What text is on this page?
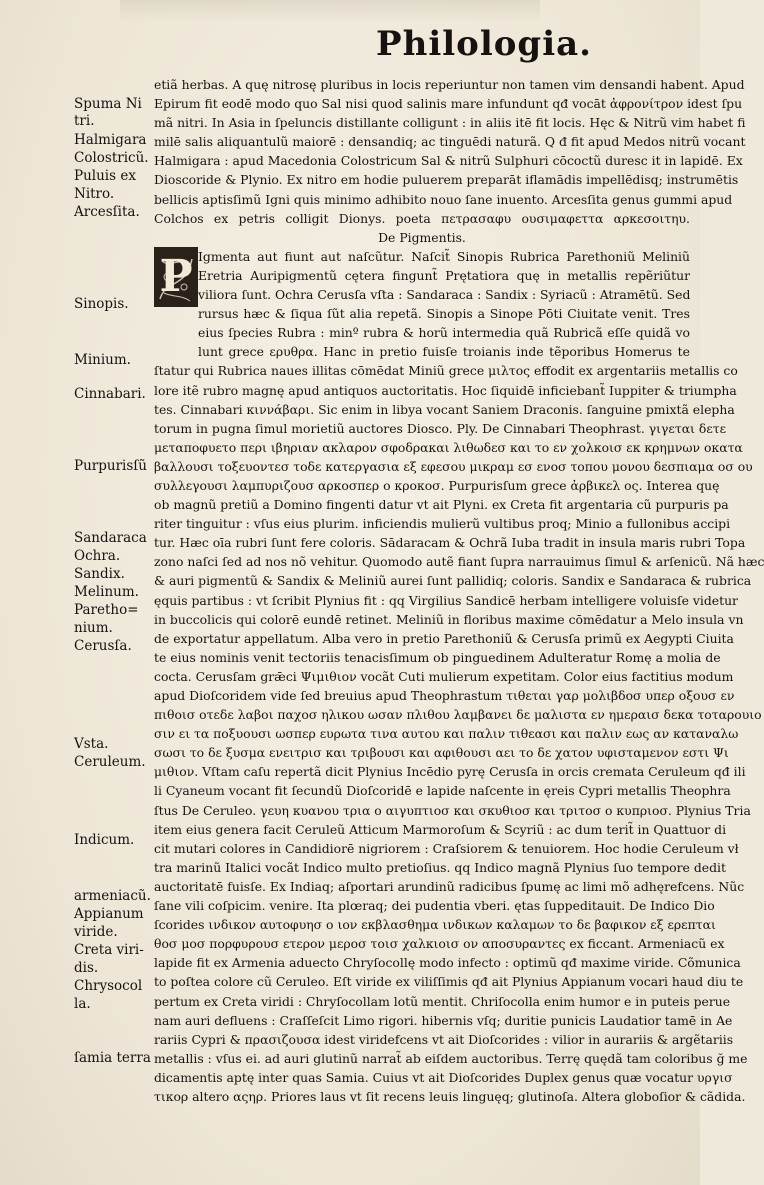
Philologia.
Spuma Ni
tri.
Halmigara
Colostricũ.
Puluis ex
Nitro.
Arcesſita.
Sinopis.
Minium.
Cinnabari.
Purpurisſũ
Sandaraca
Ochra.
Sandix.
Melinum.
Paretho=
nium.
Cerusſa.
Vsta.
Ceruleum.
Indicum.
armeniacũ.
Appianum
viride.
Creta viri-
dis.
Chrysocol
la.
ſamia terra
P
etiã herbas. A quę nitrosę pluribus in locis reperiuntur non tamen vim densandi habent. Apud
Epirum fit eodē modo quo Sal nisi quod salinis mare infundunt qđ vocāt ἀφρονίτρον idest ſpu
mã nitri. In Asia in ſpeluncis distillante colligunt : in aliis itē fit locis. Hęc & Nitrũ vim habet fi
milē salis aliquantulũ maiorē : densandiq; ac tinguēdi naturã. Q đ fit apud Medos nitrũ vocant
Halmigara : apud Macedonia Colostricum Sal & nitrũ Sulphuri cōcoctũ duresc it in lapidē. Ex
Dioscoride & Plynio. Ex nitro em hodie puluerem preparāt iflamādis impellēdisq; instrumētis
bellicis aptisſimũ Igni quis minimo adhibito nouo ſane inuento. Arcesſita genus gummi apud
Colchos ex petris colligit Dionys. poeta πετρασαφυ ουσιμαφεττα αρκεσοιτηυ.
De Pigmentis.
Igmenta aut fiunt aut naſcũtur. Naſcit̃ Sinopis Rubrica Parethoniũ Meliniũ
Eretria Auripigmentũ cętera fingunt̃ Prętatiora quę in metallis repẽriũtur
viliora ſunt. Ochra Cerusſa vſta : Sandaraca : Sandix : Syriacũ : Atramētũ. Sed
rursus hæc & ſiqua ſũt alia repetã. Sinopis a Sinope Pōti Ciuitate venit. Tres
eius ſpecies Rubra : minº rubra & horũ intermedia quã Rubricã eſſe quidã vo
lunt grece ερυθρα. Hanc in pretio fuisſe troianis inde tẽporibus Homerus te
ſtatur qui Rubrica naues illitas cōmēdat Miniũ grece μιλτος effodit ex argentariis metallis co
lore itẽ rubro magnę apud antiquos auctoritatis. Hoc ſiquidē inficiebant̃ Iuppiter & triumpha
tes. Cinnabari κιννάβαρι. Sic enim in libya vocant Saniem Draconis. ſanguine pmixtã elepha
torum in pugna ſimul morietiũ auctores Diosco. Ply. De Cinnabari Theophrast. γιγεται δετε
μεταποφυετο περι ιβηριαν ακλαρον σφοδρακαι λιθωδεσ και το εν χολκοισ εκ κρημνων οκατα
βαλλουσι τοξευοντεσ τοδε κατεργασια εξ εφεσου μικραμ εσ ενοσ τοπου μονου δεσπιαμα οσ ου
συλλεγουσι λαμπυριζουσ αρκοσπερ ο κροκοσ. Purpurisſum grece ἀρβικελ ος. Interea quę
ob magnũ pretiũ a Domino fingenti datur vt ait Plyni. ex Creta fit argentaria cũ purpuris pa
riter tinguitur : vſus eius plurim. inficiendis mulierũ vultibus proq; Minio a fullonibus accipi
tur. Hæc oīa rubri ſunt fere coloris. Sādaracam & Ochrã Iuba tradit in insula maris rubri Topa
zono naſci ſed ad nos nõ vehitur. Quomodo autẽ fiant ſupra narrauimus ſimul & arſenicũ. Nã hæc
& auri pigmentũ & Sandix & Meliniũ aurei ſunt pallidiq; coloris. Sandix e Sandaraca & rubrica
ęquis partibus : vt ſcribit Plynius fit : qq Virgilius Sandicē herbam intelligere voluisſe videtur
in buccolicis qui colorē eundē retinet. Meliniũ in floribus maxime cōmēdatur a Melo insula vn
de exportatur appellatum. Alba vero in pretio Parethoniũ & Cerusſa primũ ex Aegypti Ciuita
te eius nominis venit tectoriis tenacisſimum ob pinguedinem Adulteratur Romę a molia de
cocta. Cerusſam grǣci Ψιμιθιον vocãt Cuti mulierum expetitam. Color eius factitius modum
apud Dioſcoridem vide ſed breuius apud Theophrastum τιθεται γαρ μολιβδοσ υπερ οξουσ εν
πιθοισ οτεδε λαβοι παχοσ ηλικου ωσαν πλιθου λαμβανει δε μαλιστα εν ημεραισ δεκα τοταρουιο
σιν ει τα ποξυουσι ωσπερ ευρωτα τινα αυτου και παλιν τιθεασι και παλιν εως αν καταναλω
σωσι το δε ξυσμα ενειτρισ και τριβουσι και αφιθουσι αει το δε χατον υφισταμενον εστι Ψι
μιθιον. Vſtam caſu repertã dicit Plynius Incēdio pyrę Cerusſa in orcis cremata Ceruleum qđ ili
li Cyaneum vocant fit ſecundũ Dioſcoridē e lapide naſcente in ęreis Cypri metallis Theophra
ſtus De Ceruleo. γευη κυανου τρια ο αιγυπτιοσ και σκυθιοσ και τριτοσ ο κυπριοσ. Plynius Tria
item eius genera facit Ceruleũ Atticum Marmoroſum & Scyriũ : ac dum terit̃ in Quattuor di
cit mutari colores in Candidiorē nigriorem : Craſsiorem & tenuiorem. Hoc hodie Ceruleum vł
tra marinũ Italici vocãt Indico multo pretioſius. qq Indico magnã Plynius ſuo tempore dedit
auctoritatē fuisſe. Ex Indiaq; aſportari arundinũ radicibus ſpumę ac limi mõ adhęrefcens. Nũc
ſane vili coſpicim. venire. Ita plœraq; dei pudentia vberi. ętas ſuppeditauit. De Indico Dio
ſcorides ινδικον αυτοφυησ ο ιον εκβλασθημα ινδικων καλαμων το δε βαφικον εξ ερεπται
θοσ μοσ πορφυρουσ ετερον μεροσ τοισ χαλκιοισ ον αποσυραντες ex ficcant. Armeniacũ ex
lapide fit ex Armenia aduecto Chryſocollę modo infecto : optimũ qđ maxime viride. Cõmunica
to poſtea colore cũ Ceruleo. Eſt viride ex viliſſimis qđ ait Plynius Appianum vocari haud diu te
pertum ex Creta viridi : Chryſocollam lotũ mentit. Chriſocolla enim humor e in puteis perue
nam auri defluens : Craſſeſcit Limo rigori. hibernis vſq; duritie punicis Laudatior tamē in Ae
rariis Cypri & πρασιζουσα idest viridefcens vt ait Dioſcorides : vilior in aurariis & argẽtariis
metallis : vſus ei. ad auri glutinũ narrat̃ ab eiſdem auctoribus. Terrę quędã tam coloribus ğ me
dicamentis aptę inter quas Samia. Cuius vt ait Dioſcorides Duplex genus quæ vocatur υργισ
τικορ altero αςηρ. Priores laus vt ſit recens leuis linguęq; glutinoſa. Altera globoſior & cãdida.
